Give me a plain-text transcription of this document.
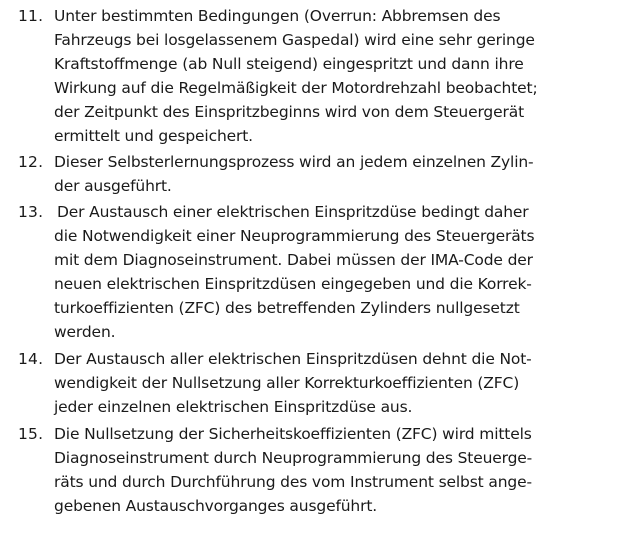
11. Unter bestimmten Bedingungen (Overrun: Abbremsen des
Fahrzeugs bei losgelassenem Gaspedal) wird eine sehr geringe
Kraftstoffmenge (ab Null steigend) eingespritzt und dann ihre
Wirkung auf die Regelmäßigkeit der Motordrehzahl beobachtet;
der Zeitpunkt des Einspritzbeginns wird von dem Steuergerät
ermittelt und gespeichert.
12. Dieser Selbsterlernungsprozess wird an jedem einzelnen Zylin-
der ausgeführt.
13. Der Austausch einer elektrischen Einspritzdüse bedingt daher
die Notwendigkeit einer Neuprogrammierung des Steuergeräts
mit dem Diagnoseinstrument. Dabei müssen der IMA-Code der
neuen elektrischen Einspritzdüsen eingegeben und die Korrek-
turkoeffizienten (ZFC) des betreffenden Zylinders nullgesetzt
werden.
14. Der Austausch aller elektrischen Einspritzdüsen dehnt die Not-
wendigkeit der Nullsetzung aller Korrekturkoeffizienten (ZFC)
jeder einzelnen elektrischen Einspritzdüse aus.
15. Die Nullsetzung der Sicherheitskoeffizienten (ZFC) wird mittels
Diagnoseinstrument durch Neuprogrammierung des Steuerge-
räts und durch Durchführung des vom Instrument selbst ange-
gebenen Austauschvorganges ausgeführt.
